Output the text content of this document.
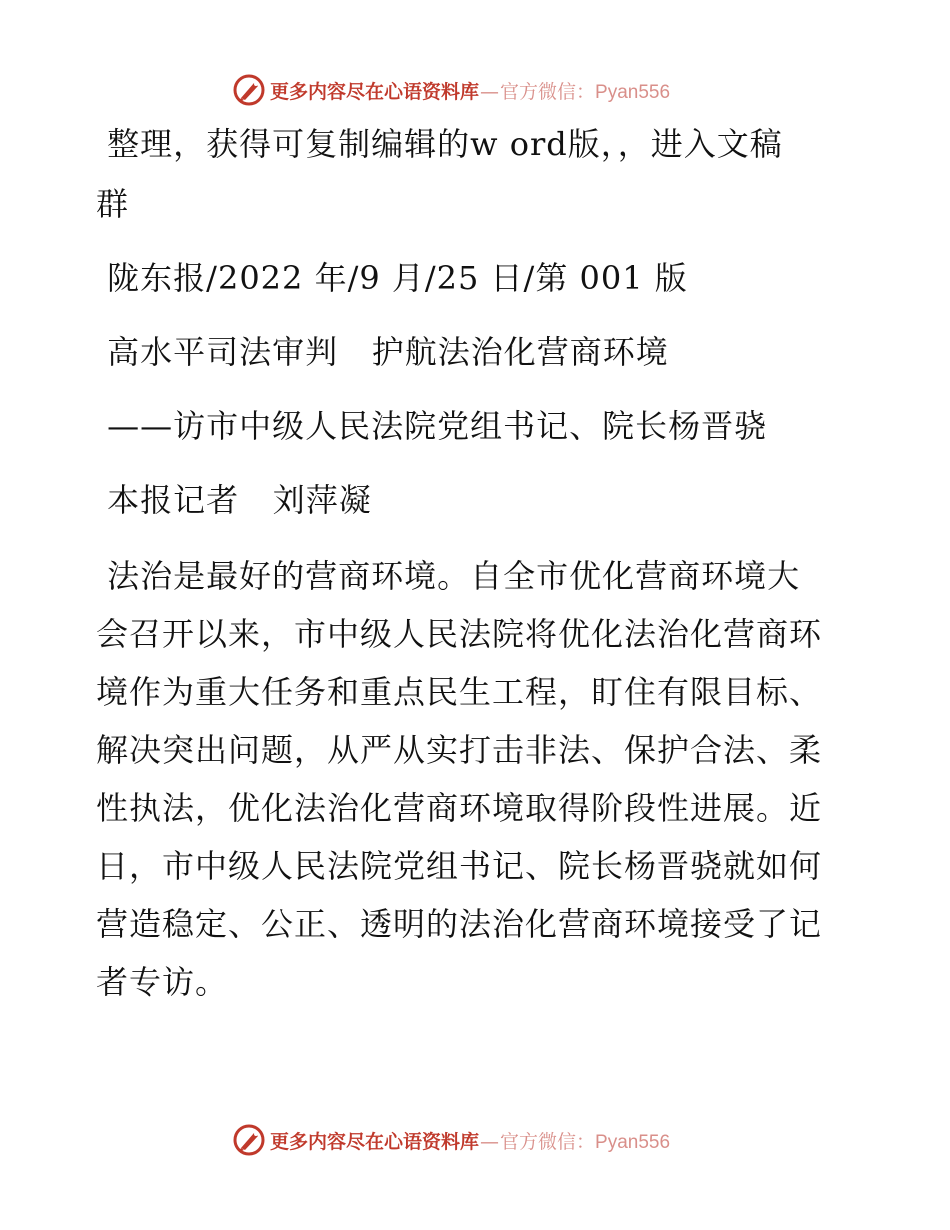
更多内容尽在心语资料库—官方微信：Pyan556
整理，获得可复制编辑的w ord版，，进入文稿
群
陇东报/2022 年/9 月/25 日/第 001 版
高水平司法审判   护航法治化营商环境
——访市中级人民法院党组书记、院长杨晋骁
本报记者   刘萍凝
法治是最好的营商环境。自全市优化营商环境大
会召开以来，市中级人民法院将优化法治化营商环
境作为重大任务和重点民生工程，盯住有限目标、
解决突出问题，从严从实打击非法、保护合法、柔
性执法，优化法治化营商环境取得阶段性进展。近
日，市中级人民法院党组书记、院长杨晋骁就如何
营造稳定、公正、透明的法治化营商环境接受了记
者专访。
更多内容尽在心语资料库—官方微信：Pyan556
